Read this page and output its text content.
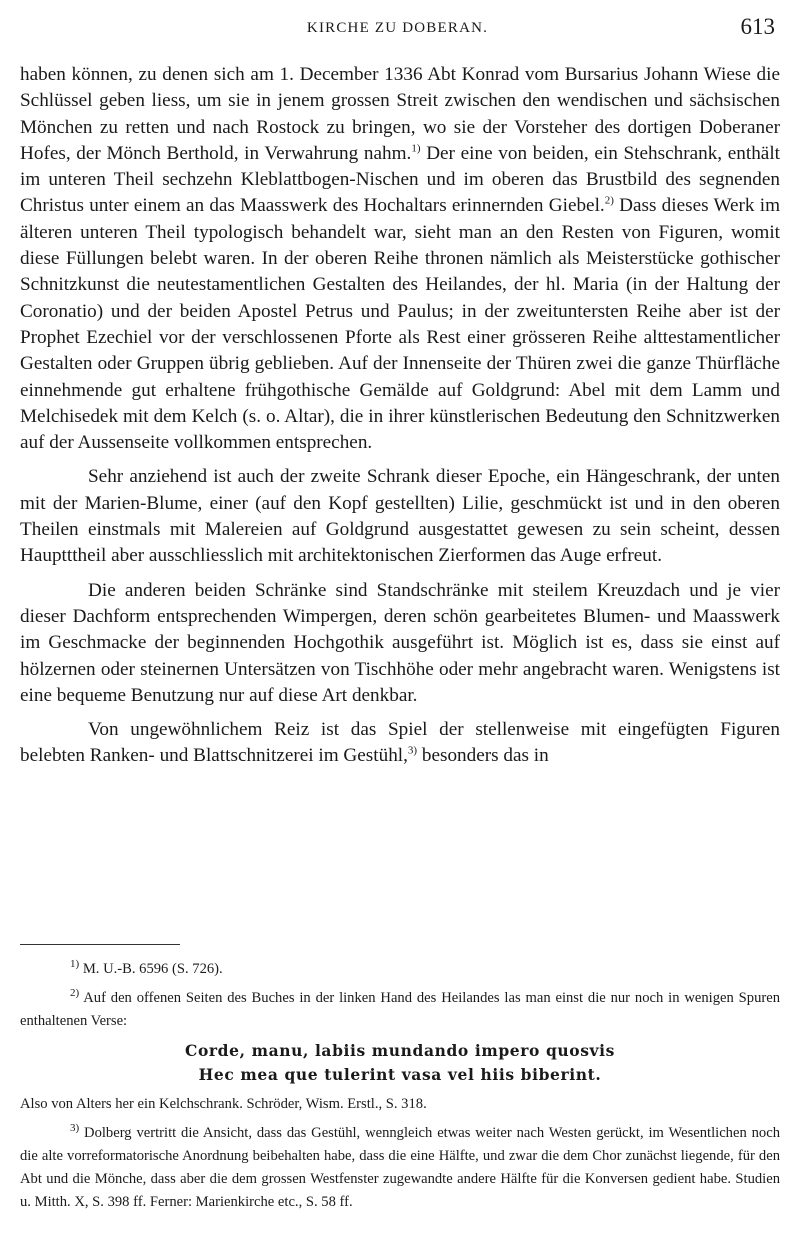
KIRCHE ZU DOBERAN.	613

haben können, zu denen sich am 1. December 1336 Abt Konrad vom Bursarius Johann Wiese die Schlüssel geben liess, um sie in jenem grossen Streit zwischen den wendischen und sächsischen Mönchen zu retten und nach Rostock zu bringen, wo sie der Vorsteher des dortigen Doberaner Hofes, der Mönch Berthold, in Verwahrung nahm.$^{1)}$ Der eine von beiden, ein Stehschrank, enthält im unteren Theil sechzehn Kleblattbogen-Nischen und im oberen das Brustbild des segnenden Christus unter einem an das Maasswerk des Hochaltars erinnernden Giebel.$^{2)}$ Dass dieses Werk im älteren unteren Theil typologisch behandelt war, sieht man an den Resten von Figuren, womit diese Füllungen belebt waren. In der oberen Reihe thronen nämlich als Meisterstücke gothischer Schnitzkunst die neutestamentlichen Gestalten des Heilandes, der hl. Maria (in der Haltung der Coronatio) und der beiden Apostel Petrus und Paulus; in der zweituntersten Reihe aber ist der Prophet Ezechiel vor der verschlossenen Pforte als Rest einer grösseren Reihe alttestamentlicher Gestalten oder Gruppen übrig geblieben. Auf der Innenseite der Thüren zwei die ganze Thürfläche einnehmende gut erhaltene frühgothische Gemälde auf Goldgrund: Abel mit dem Lamm und Melchisedek mit dem Kelch (s. o. Altar), die in ihrer künstlerischen Bedeutung den Schnitzwerken auf der Aussenseite vollkommen entsprechen.

Sehr anziehend ist auch der zweite Schrank dieser Epoche, ein Hängeschrank, der unten mit der Marien-Blume, einer (auf den Kopf gestellten) Lilie, geschmückt ist und in den oberen Theilen einstmals mit Malereien auf Goldgrund ausgestattet gewesen zu sein scheint, dessen Hauptttheil aber ausschliesslich mit architektonischen Zierformen das Auge erfreut.

Die anderen beiden Schränke sind Standschränke mit steilem Kreuzdach und je vier dieser Dachform entsprechenden Wimpergen, deren schön gearbeitetes Blumen- und Maasswerk im Geschmacke der beginnenden Hochgothik ausgeführt ist. Möglich ist es, dass sie einst auf hölzernen oder steinernen Untersätzen von Tischhöhe oder mehr angebracht waren. Wenigstens ist eine bequeme Benutzung nur auf diese Art denkbar.

Von ungewöhnlichem Reiz ist das Spiel der stellenweise mit eingefügten Figuren belebten Ranken- und Blattschnitzerei im Gestühl,$^{3)}$ besonders das in

$^{1)}$ M. U.-B. 6596 (S. 726).

$^{2)}$ Auf den offenen Seiten des Buches in der linken Hand des Heilandes las man einst die nur noch in wenigen Spuren enthaltenen Verse:

Corde, manu, labiis mundando impero quosvis

Hec mea que tulerint vasa vel hiis biberint.

Also von Alters her ein Kelchschrank. Schröder, Wism. Erstl., S. 318.

$^{3)}$ Dolberg vertritt die Ansicht, dass das Gestühl, wenngleich etwas weiter nach Westen gerückt, im Wesentlichen noch die alte vorreformatorische Anordnung beibehalten habe, dass die eine Hälfte, und zwar die dem Chor zunächst liegende, für den Abt und die Mönche, dass aber die dem grossen Westfenster zugewandte andere Hälfte für die Konversen gedient habe. Studien u. Mitth. X, S. 398 ff. Ferner: Marienkirche etc., S. 58 ff.
